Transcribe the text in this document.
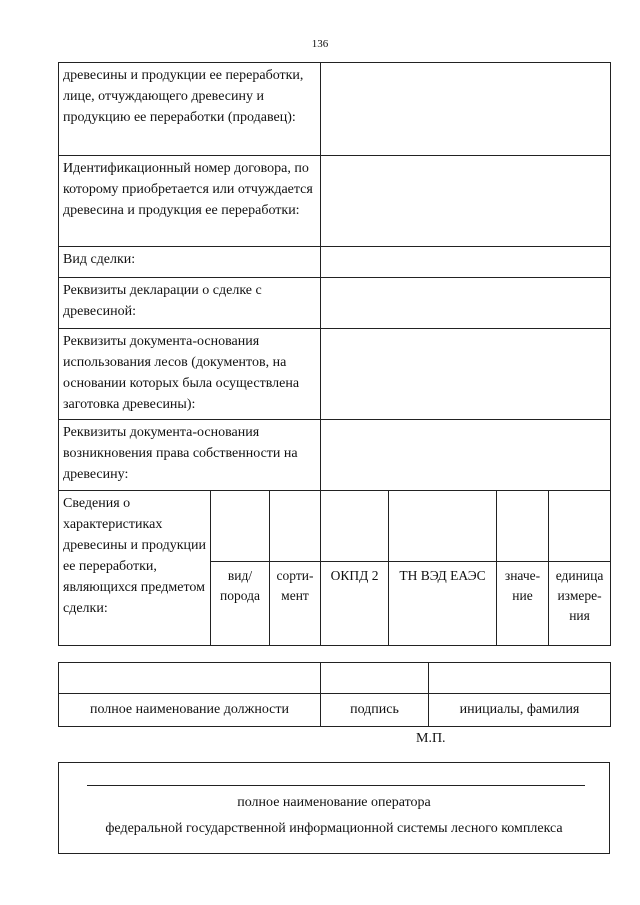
136
древесины и продукции ее переработки, лице, отчуждающего древесину и продукцию ее переработки (продавец):						
Идентификационный номер договора, по которому приобретается или отчуждается древесина и продукция ее переработки:						
Вид сделки:						
Реквизиты декларации о сделке с древесиной:						
Реквизиты документа-основания использования лесов (документов, на основании которых была осуществлена заготовка древесины):						
Реквизиты документа-основания возникновения права собственности на древесину:						
Сведения о характеристиках древесины и продукции ее переработки, являющихся предметом сделки:						
	вид/ порода	сорти- мент	ОКПД 2	ТН ВЭД ЕАЭС	значе- ние	единица измере- ния

полное наименование должности	подпись	инициалы, фамилия
М.П.
полное наименование оператора
федеральной государственной информационной системы лесного комплекса
